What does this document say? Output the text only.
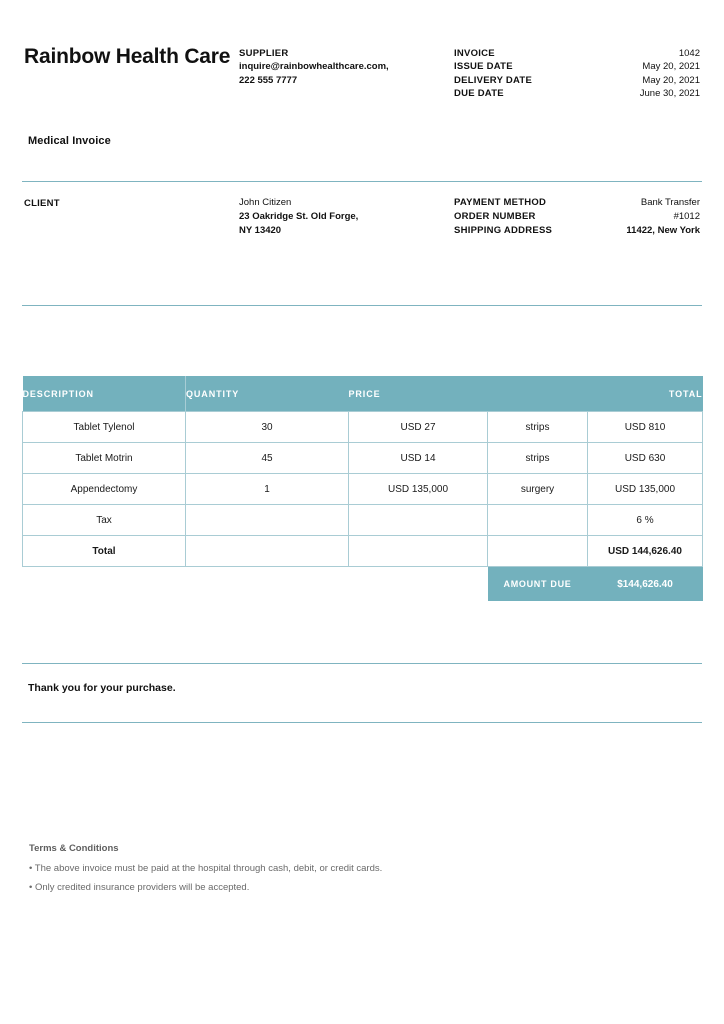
Rainbow Health Care SUPPLIER
inquire@rainbowhealthcare.com,
222 555 7777
INVOICE	1042
ISSUE DATE	May 20, 2021
DELIVERY DATE	May 20, 2021
DUE DATE	June 30, 2021
Medical Invoice
CLIENT	John Citizen
23 Oakridge St. Old Forge,
NY 13420
PAYMENT METHOD	Bank Transfer
ORDER NUMBER	#1012
SHIPPING ADDRESS	11422, New York
DESCRIPTION	QUANTITY	PRICE		TOTAL
Tablet Tylenol	30	USD 27	strips	USD 810
Tablet Motrin	45	USD 14	strips	USD 630
Appendectomy	1	USD 135,000	surgery	USD 135,000
Tax				6 %
Total				USD 144,626.40
			AMOUNT DUE	$144,626.40
Thank you for your purchase.
Terms & Conditions
• The above invoice must be paid at the hospital through cash, debit, or credit cards.
• Only credited insurance providers will be accepted.
